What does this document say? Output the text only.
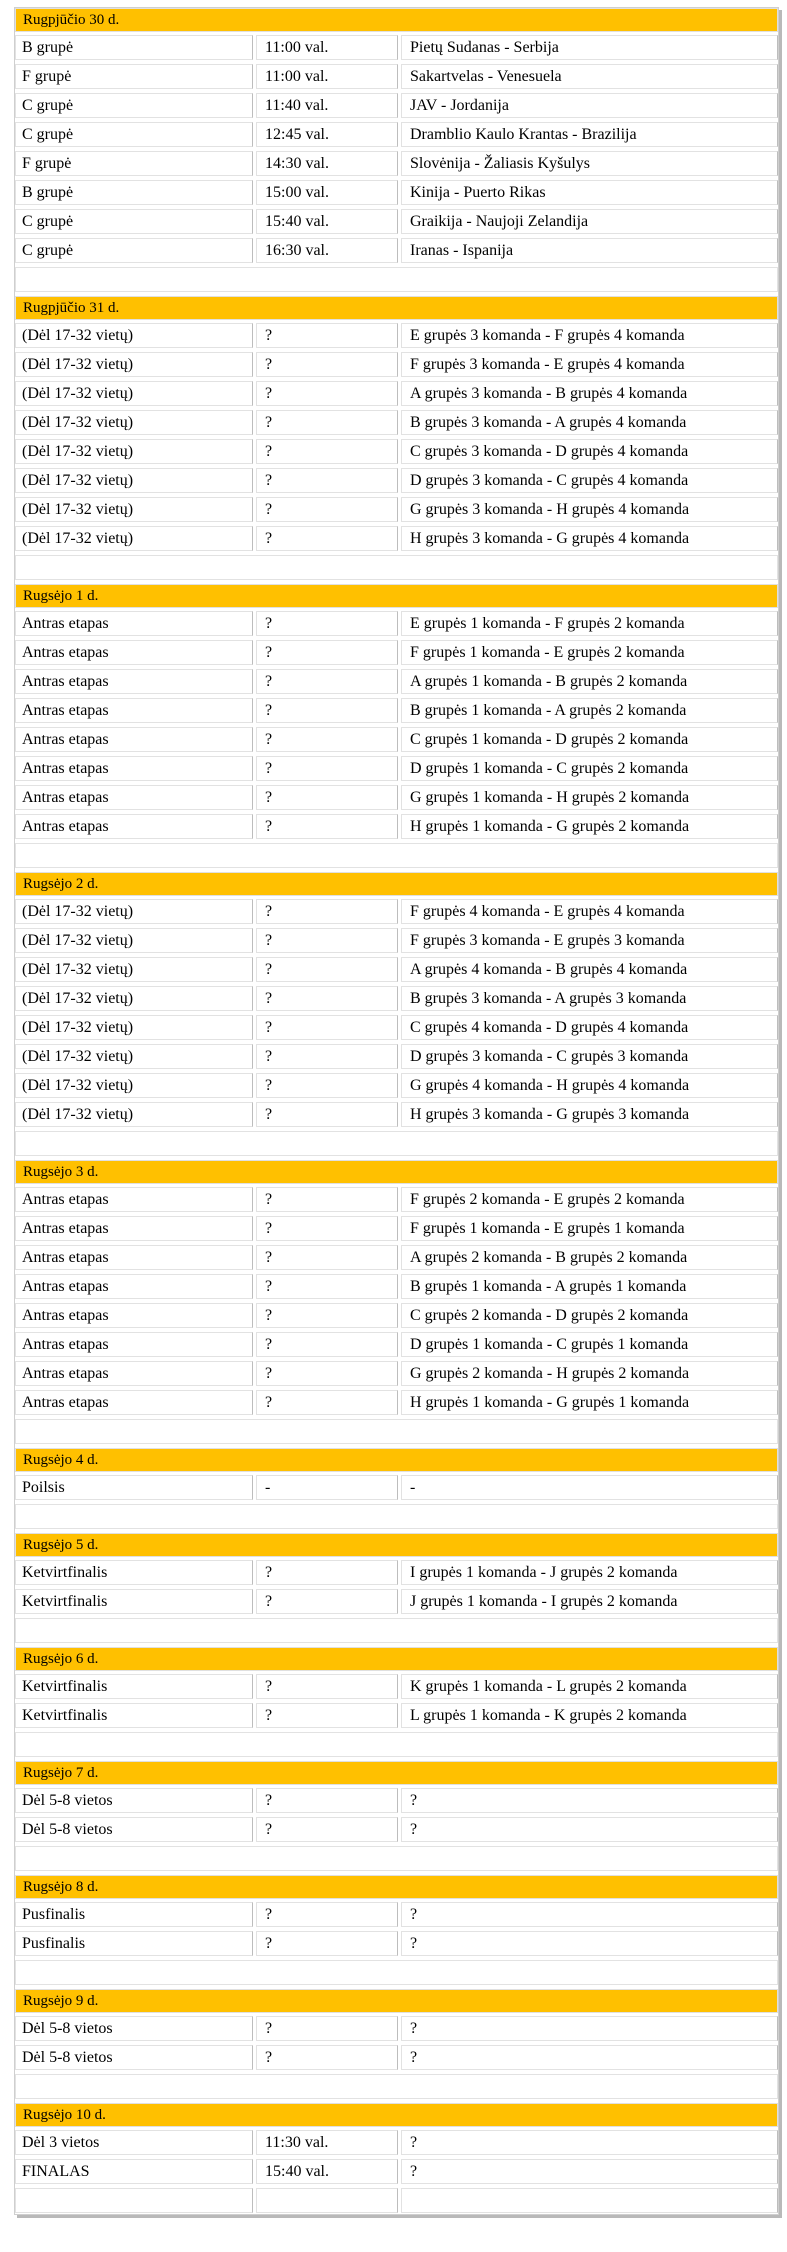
Rugpjūčio 30 d.
B grupė	11:00 val.	Pietų Sudanas - Serbija
F grupė	11:00 val.	Sakartvelas - Venesuela
C grupė	11:40 val.	JAV - Jordanija
C grupė	12:45 val.	Dramblio Kaulo Krantas - Brazilija
F grupė	14:30 val.	Slovėnija - Žaliasis Kyšulys
B grupė	15:00 val.	Kinija - Puerto Rikas
C grupė	15:40 val.	Graikija - Naujoji Zelandija
C grupė	16:30 val.	Iranas - Ispanija
Rugpjūčio 31 d.
(Dėl 17-32 vietų)	?	E grupės 3 komanda - F grupės 4 komanda
(Dėl 17-32 vietų)	?	F grupės 3 komanda - E grupės 4 komanda
(Dėl 17-32 vietų)	?	A grupės 3 komanda - B grupės 4 komanda
(Dėl 17-32 vietų)	?	B grupės 3 komanda - A grupės 4 komanda
(Dėl 17-32 vietų)	?	C grupės 3 komanda - D grupės 4 komanda
(Dėl 17-32 vietų)	?	D grupės 3 komanda - C grupės 4 komanda
(Dėl 17-32 vietų)	?	G grupės 3 komanda - H grupės 4 komanda
(Dėl 17-32 vietų)	?	H grupės 3 komanda - G grupės 4 komanda
Rugsėjo 1 d.
Antras etapas	?	E grupės 1 komanda - F grupės 2 komanda
Antras etapas	?	F grupės 1 komanda - E grupės 2 komanda
Antras etapas	?	A grupės 1 komanda - B grupės 2 komanda
Antras etapas	?	B grupės 1 komanda - A grupės 2 komanda
Antras etapas	?	C grupės 1 komanda - D grupės 2 komanda
Antras etapas	?	D grupės 1 komanda - C grupės 2 komanda
Antras etapas	?	G grupės 1 komanda - H grupės 2 komanda
Antras etapas	?	H grupės 1 komanda - G grupės 2 komanda
Rugsėjo 2 d.
(Dėl 17-32 vietų)	?	F grupės 4 komanda - E grupės 4 komanda
(Dėl 17-32 vietų)	?	F grupės 3 komanda - E grupės 3 komanda
(Dėl 17-32 vietų)	?	A grupės 4 komanda - B grupės 4 komanda
(Dėl 17-32 vietų)	?	B grupės 3 komanda - A grupės 3 komanda
(Dėl 17-32 vietų)	?	C grupės 4 komanda - D grupės 4 komanda
(Dėl 17-32 vietų)	?	D grupės 3 komanda - C grupės 3 komanda
(Dėl 17-32 vietų)	?	G grupės 4 komanda - H grupės 4 komanda
(Dėl 17-32 vietų)	?	H grupės 3 komanda - G grupės 3 komanda
Rugsėjo 3 d.
Antras etapas	?	F grupės 2 komanda - E grupės 2 komanda
Antras etapas	?	F grupės 1 komanda - E grupės 1 komanda
Antras etapas	?	A grupės 2 komanda - B grupės 2 komanda
Antras etapas	?	B grupės 1 komanda - A grupės 1 komanda
Antras etapas	?	C grupės 2 komanda - D grupės 2 komanda
Antras etapas	?	D grupės 1 komanda - C grupės 1 komanda
Antras etapas	?	G grupės 2 komanda - H grupės 2 komanda
Antras etapas	?	H grupės 1 komanda - G grupės 1 komanda
Rugsėjo 4 d.
Poilsis	-	-
Rugsėjo 5 d.
Ketvirtfinalis	?	I grupės 1 komanda - J grupės 2 komanda
Ketvirtfinalis	?	J grupės 1 komanda - I grupės 2 komanda
Rugsėjo 6 d.
Ketvirtfinalis	?	K grupės 1 komanda - L grupės 2 komanda
Ketvirtfinalis	?	L grupės 1 komanda - K grupės 2 komanda
Rugsėjo 7 d.
Dėl 5-8 vietos	?	?
Dėl 5-8 vietos	?	?
Rugsėjo 8 d.
Pusfinalis	?	?
Pusfinalis	?	?
Rugsėjo 9 d.
Dėl 5-8 vietos	?	?
Dėl 5-8 vietos	?	?
Rugsėjo 10 d.
Dėl 3 vietos	11:30 val.	?
FINALAS	15:40 val.	?
